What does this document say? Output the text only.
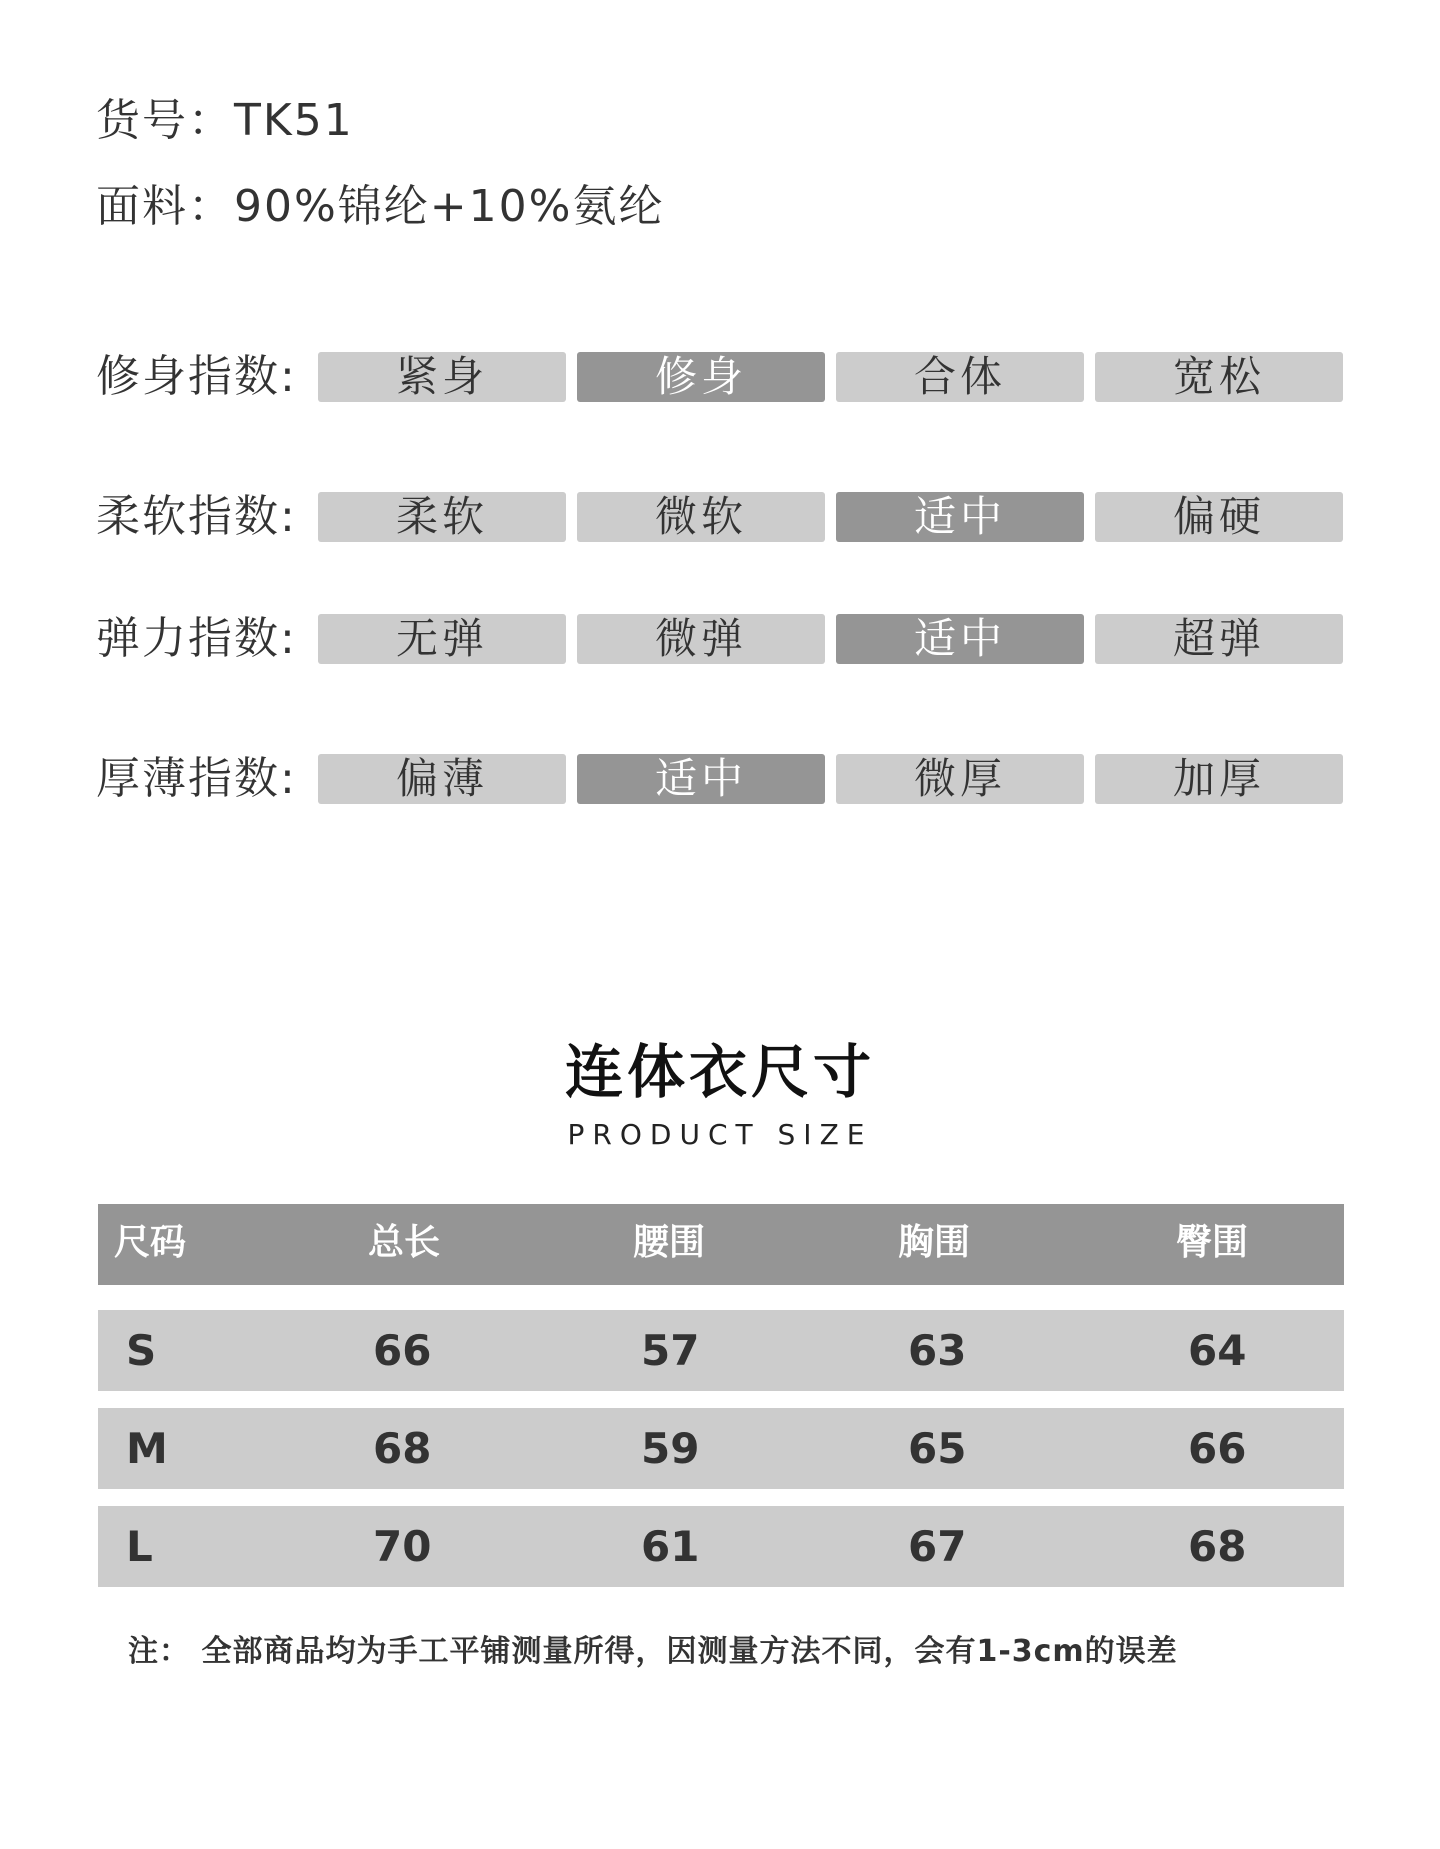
货号：TK51
面料：90%锦纶+10%氨纶
修身指数:	紧身	修身	合体	宽松
柔软指数:	柔软	微软	适中	偏硬
弹力指数:	无弹	微弹	适中	超弹
厚薄指数:	偏薄	适中	微厚	加厚
连体衣尺寸
PRODUCT SIZE
尺码	总长	腰围	胸围	臀围
S	66	57	63	64
M	68	59	65	66
L	70	61	67	68
注： 全部商品均为手工平铺测量所得，因测量方法不同，会有1-3cm的误差
